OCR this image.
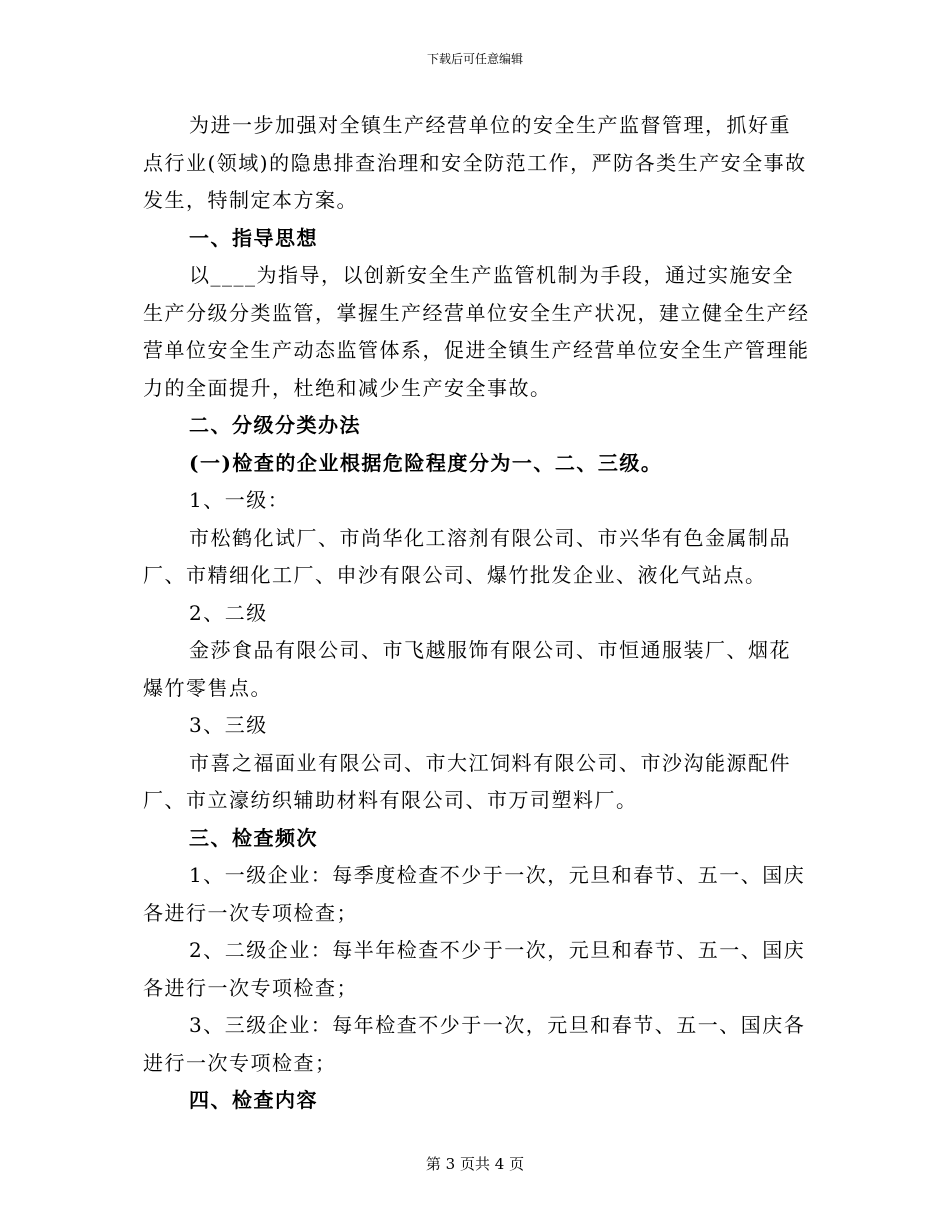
下载后可任意编辑

为进一步加强对全镇生产经营单位的安全生产监督管理，抓好重点行业(领域)的隐患排查治理和安全防范工作，严防各类生产安全事故发生，特制定本方案。

一、指导思想

以____为指导，以创新安全生产监管机制为手段，通过实施安全生产分级分类监管，掌握生产经营单位安全生产状况，建立健全生产经营单位安全生产动态监管体系，促进全镇生产经营单位安全生产管理能力的全面提升，杜绝和减少生产安全事故。

二、分级分类办法

(一)检查的企业根据危险程度分为一、二、三级。

1、一级：

市松鹤化试厂、市尚华化工溶剂有限公司、市兴华有色金属制品厂、市精细化工厂、申沙有限公司、爆竹批发企业、液化气站点。

2、二级

金莎食品有限公司、市飞越服饰有限公司、市恒通服装厂、烟花爆竹零售点。

3、三级

市喜之福面业有限公司、市大江饲料有限公司、市沙沟能源配件厂、市立濠纺织辅助材料有限公司、市万司塑料厂。

三、检查频次

1、一级企业：每季度检查不少于一次，元旦和春节、五一、国庆各进行一次专项检查；

2、二级企业：每半年检查不少于一次，元旦和春节、五一、国庆各进行一次专项检查；

3、三级企业：每年检查不少于一次，元旦和春节、五一、国庆各进行一次专项检查；

四、检查内容

第 3 页共 4 页
